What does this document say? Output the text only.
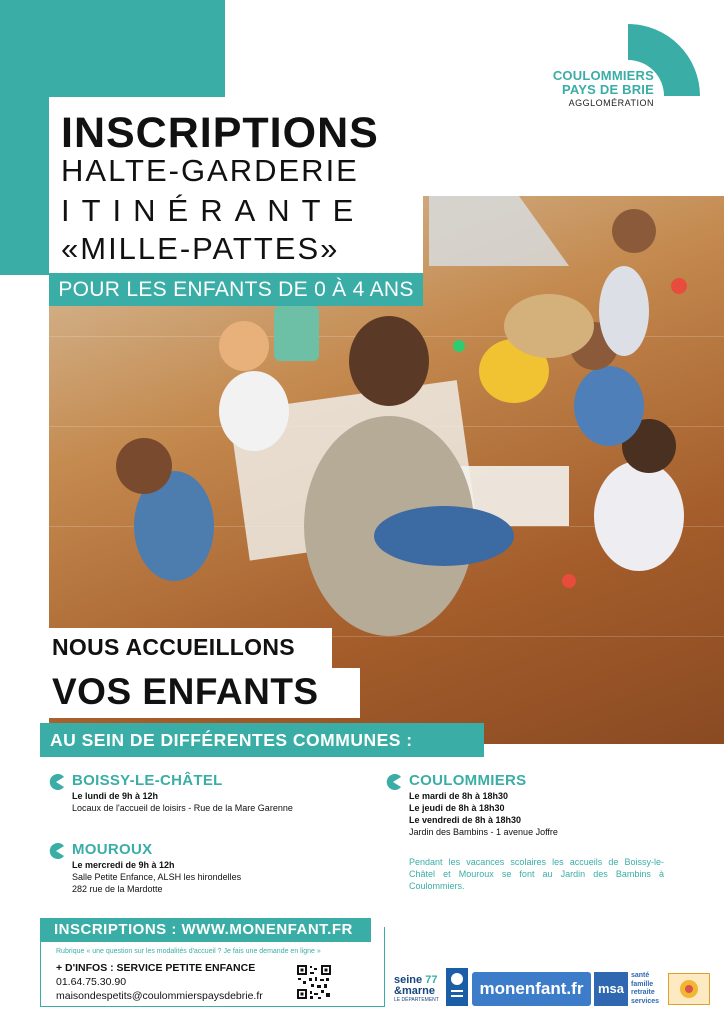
COULOMMIERS
PAYS DE BRIE
AGGLOMÉRATION
INSCRIPTIONS
HALTE-GARDERIE
ITINÉRANTE
«MILLE-PATTES»
POUR LES ENFANTS DE 0 À 4 ANS
NOUS ACCUEILLONS
VOS ENFANTS
AU SEIN DE DIFFÉRENTES COMMUNES :
BOISSY-LE-CHÂTEL
Le lundi de 9h à 12h
Locaux de l'accueil de loisirs - Rue de la Mare Garenne
MOUROUX
Le mercredi de 9h à 12h
Salle Petite Enfance, ALSH les hirondelles
282 rue de la Mardotte
COULOMMIERS
Le mardi de 8h à 18h30
Le jeudi de 8h à 18h30
Le vendredi de 8h à 18h30
Jardin des Bambins - 1 avenue Joffre
Pendant les vacances scolaires les accueils de Boissy-le-Châtel et Mouroux se font au Jardin des Bambins à Coulommiers.
INSCRIPTIONS : WWW.MONENFANT.FR
Rubrique « une question sur les modalités d'accueil ? Je fais une demande en ligne »
+ D'INFOS : SERVICE PETITE ENFANCE
01.64.75.30.90
maisondespetits@coulommierspaysdebrie.fr
seine 77
&marne
LE DÉPARTEMENT
monenfant.fr	msa
santé
famille
retraite
services
